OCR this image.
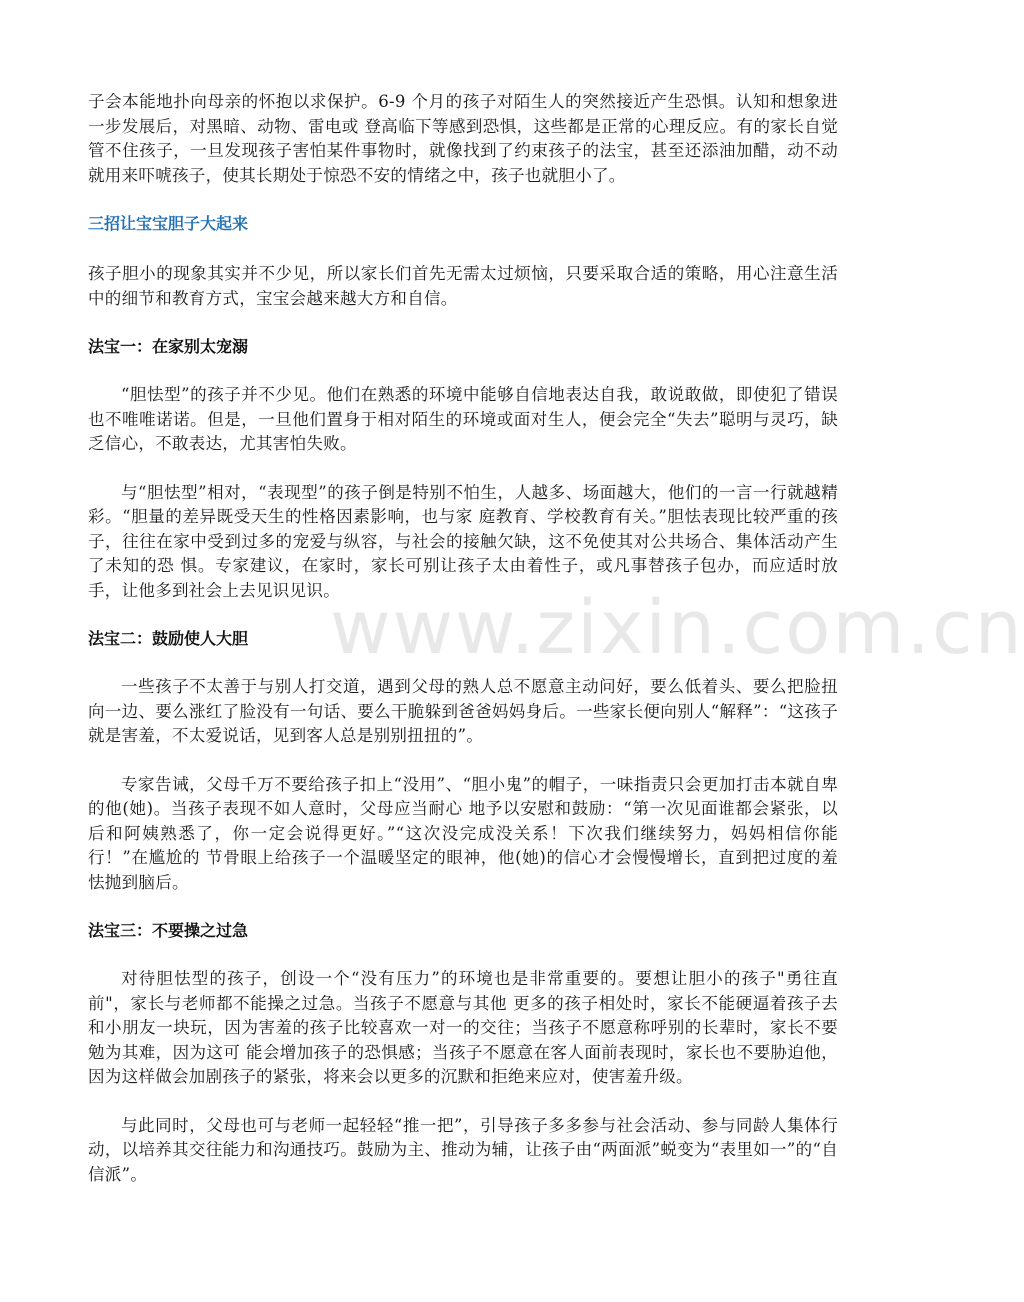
子会本能地扑向母亲的怀抱以求保护。6-9 个月的孩子对陌生人的突然接近产生恐惧。认知和想象进一步发展后，对黑暗、动物、雷电或 登高临下等感到恐惧，这些都是正常的心理反应。有的家长自觉管不住孩子，一旦发现孩子害怕某件事物时，就像找到了约束孩子的法宝，甚至还添油加醋，动不动 就用来吓唬孩子，使其长期处于惊恐不安的情绪之中，孩子也就胆小了。

三招让宝宝胆子大起来

孩子胆小的现象其实并不少见，所以家长们首先无需太过烦恼，只要采取合适的策略，用心注意生活中的细节和教育方式，宝宝会越来越大方和自信。

法宝一：在家别太宠溺

“胆怯型”的孩子并不少见。他们在熟悉的环境中能够自信地表达自我，敢说敢做，即使犯了错误也不唯唯诺诺。但是，一旦他们置身于相对陌生的环境或面对生人，便会完全“失去”聪明与灵巧，缺乏信心，不敢表达，尤其害怕失败。

与“胆怯型”相对，“表现型”的孩子倒是特别不怕生，人越多、场面越大，他们的一言一行就越精彩。“胆量的差异既受天生的性格因素影响，也与家 庭教育、学校教育有关。”胆怯表现比较严重的孩子，往往在家中受到过多的宠爱与纵容，与社会的接触欠缺，这不免使其对公共场合、集体活动产生了未知的恐 惧。专家建议，在家时，家长可别让孩子太由着性子，或凡事替孩子包办，而应适时放手，让他多到社会上去见识见识。

法宝二：鼓励使人大胆

一些孩子不太善于与别人打交道，遇到父母的熟人总不愿意主动问好，要么低着头、要么把脸扭向一边、要么涨红了脸没有一句话、要么干脆躲到爸爸妈妈身后。一些家长便向别人“解释”：“这孩子就是害羞，不太爱说话，见到客人总是别别扭扭的”。

专家告诫，父母千万不要给孩子扣上“没用”、“胆小鬼”的帽子，一味指责只会更加打击本就自卑的他(她)。当孩子表现不如人意时，父母应当耐心 地予以安慰和鼓励：“第一次见面谁都会紧张，以后和阿姨熟悉了，你一定会说得更好。”“这次没完成没关系！下次我们继续努力，妈妈相信你能行！”在尴尬的 节骨眼上给孩子一个温暖坚定的眼神，他(她)的信心才会慢慢增长，直到把过度的羞怯抛到脑后。

法宝三：不要操之过急

对待胆怯型的孩子，创设一个“没有压力”的环境也是非常重要的。要想让胆小的孩子"勇往直前"，家长与老师都不能操之过急。当孩子不愿意与其他 更多的孩子相处时，家长不能硬逼着孩子去和小朋友一块玩，因为害羞的孩子比较喜欢一对一的交往；当孩子不愿意称呼别的长辈时，家长不要勉为其难，因为这可 能会增加孩子的恐惧感；当孩子不愿意在客人面前表现时，家长也不要胁迫他，因为这样做会加剧孩子的紧张，将来会以更多的沉默和拒绝来应对，使害羞升级。

与此同时，父母也可与老师一起轻轻“推一把”，引导孩子多多参与社会活动、参与同龄人集体行动，以培养其交往能力和沟通技巧。鼓励为主、推动为辅，让孩子由“两面派”蜕变为“表里如一”的“自信派”。

www.zixin.com.cn
